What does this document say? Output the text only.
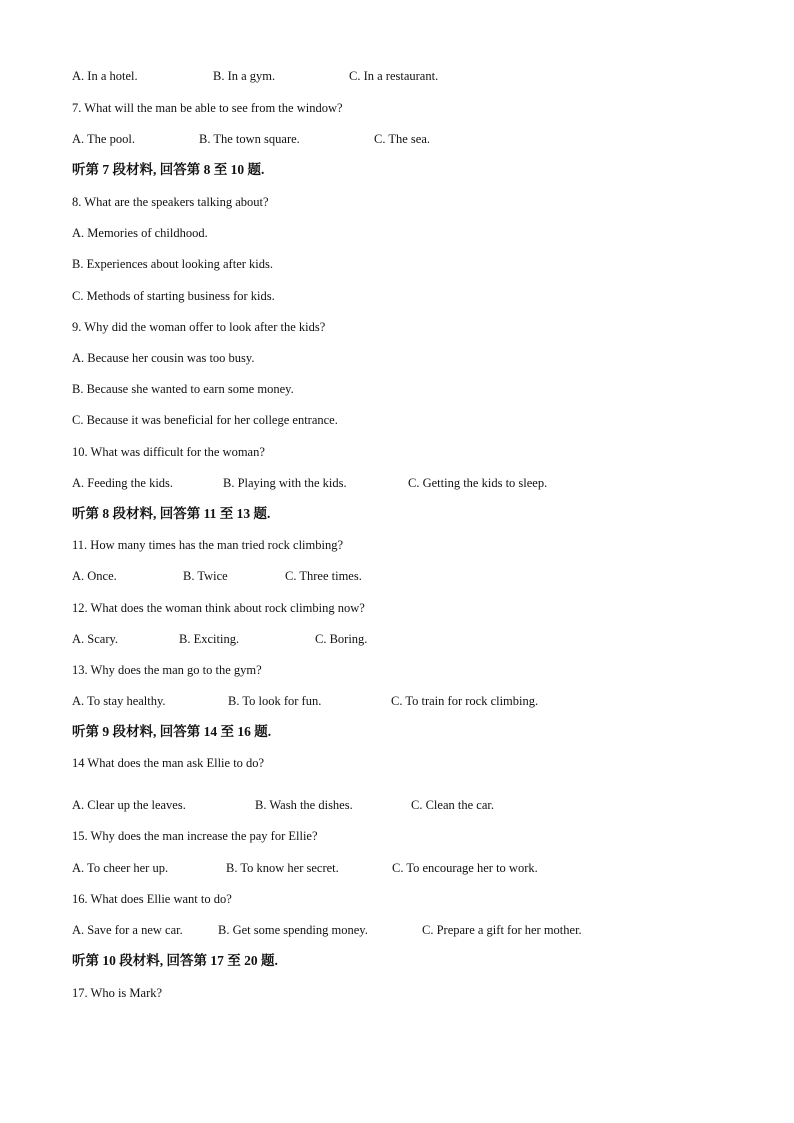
A. In a hotel.	B. In a gym.	C. In a restaurant.
7. What will the man be able to see from the window?
A. The pool.	B. The town square.	C. The sea.
听第 7 段材料, 回答第 8 至 10 题.
8. What are the speakers talking about?
A. Memories of childhood.
B. Experiences about looking after kids.
C. Methods of starting business for kids.
9. Why did the woman offer to look after the kids?
A. Because her cousin was too busy.
B. Because she wanted to earn some money.
C. Because it was beneficial for her college entrance.
10. What was difficult for the woman?
A. Feeding the kids.	B. Playing with the kids.	C. Getting the kids to sleep.
听第 8 段材料, 回答第 11 至 13 题.
11. How many times has the man tried rock climbing?
A. Once.	B. Twice	C. Three times.
12. What does the woman think about rock climbing now?
A. Scary.	B. Exciting.	C. Boring.
13. Why does the man go to the gym?
A. To stay healthy.	B. To look for fun.	C. To train for rock climbing.
听第 9 段材料, 回答第 14 至 16 题.
14 What does the man ask Ellie to do?
A. Clear up the leaves.	B. Wash the dishes.	C. Clean the car.
15. Why does the man increase the pay for Ellie?
A. To cheer her up.	B. To know her secret.	C. To encourage her to work.
16. What does Ellie want to do?
A. Save for a new car.	B. Get some spending money.	C. Prepare a gift for her mother.
听第 10 段材料, 回答第 17 至 20 题.
17. Who is Mark?
